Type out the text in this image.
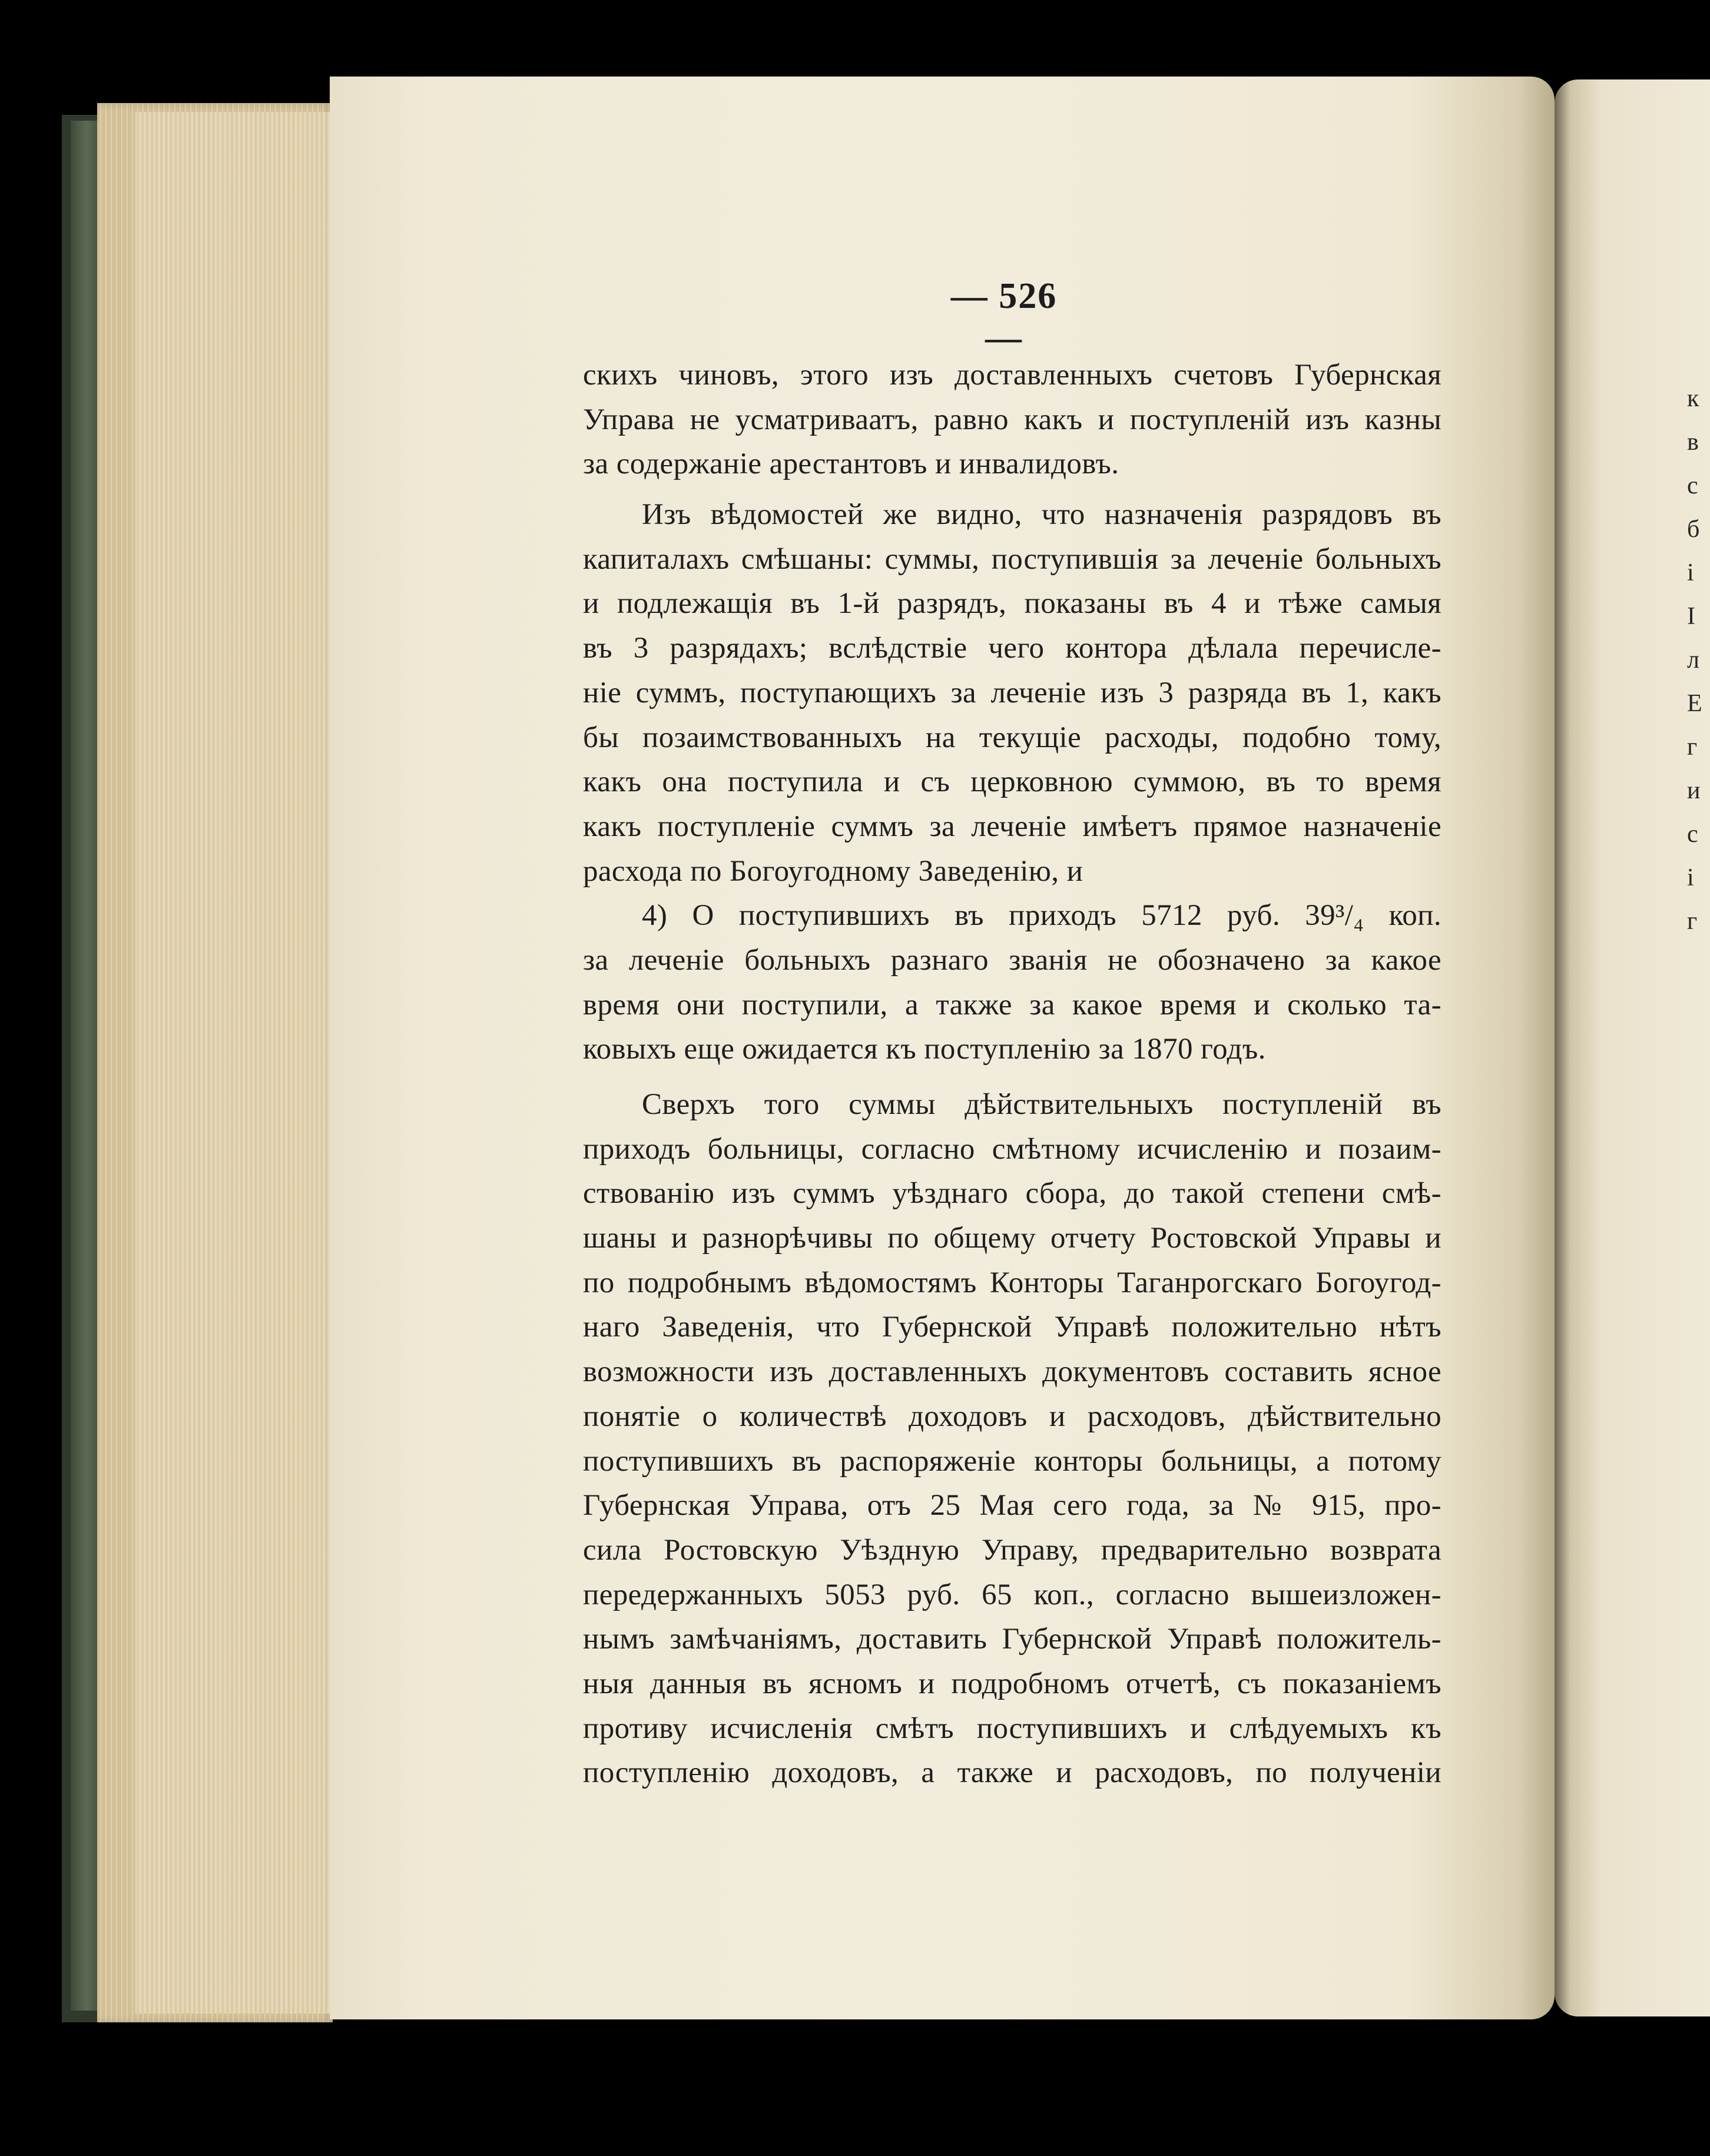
к
в
с
б
і
І
л
Е
г
и
с
і
г
— 526 —
скихъ чиновъ, этого изъ доставленныхъ счетовъ Губернская
Управа не усматриваатъ, равно какъ и поступленій изъ казны
за содержаніе арестантовъ и инвалидовъ.
Изъ вѣдомостей же видно, что назначенія разрядовъ въ
капиталахъ смѣшаны: суммы, поступившія за леченіе больныхъ
и подлежащія въ 1-й разрядъ, показаны въ 4 и тѣже самыя
въ 3 разрядахъ; вслѣдствіе чего контора дѣлала перечисле-
ніе суммъ, поступающихъ за леченіе изъ 3 разряда въ 1, какъ
бы позаимствованныхъ на текущіе расходы, подобно тому,
какъ она поступила и съ церковною суммою, въ то время
какъ поступленіе суммъ за леченіе имѣетъ прямое назначеніе
расхода по Богоугодному Заведенію, и
4) О поступившихъ въ приходъ 5712 руб. 39³/₄ коп.
за леченіе больныхъ разнаго званія не обозначено за какое
время они поступили, а также за какое время и сколько та-
ковыхъ еще ожидается къ поступленію за 1870 годъ.
Сверхъ того суммы дѣйствительныхъ поступленій въ
приходъ больницы, согласно смѣтному исчисленію и позаим-
ствованію изъ суммъ уѣзднаго сбора, до такой степени смѣ-
шаны и разнорѣчивы по общему отчету Ростовской Управы и
по подробнымъ вѣдомостямъ Конторы Таганрогскаго Богоугод-
наго Заведенія, что Губернской Управѣ положительно нѣтъ
возможности изъ доставленныхъ документовъ составить ясное
понятіе о количествѣ доходовъ и расходовъ, дѣйствительно
поступившихъ въ распоряженіе конторы больницы, а потому
Губернская Управа, отъ 25 Мая сего года, за № 915, про-
сила Ростовскую Уѣздную Управу, предварительно возврата
передержанныхъ 5053 руб. 65 коп., согласно вышеизложен-
нымъ замѣчаніямъ, доставить Губернской Управѣ положитель-
ныя данныя въ ясномъ и подробномъ отчетѣ, съ показаніемъ
противу исчисленія смѣтъ поступившихъ и слѣдуемыхъ къ
поступленію доходовъ, а также и расходовъ, по полученіи
